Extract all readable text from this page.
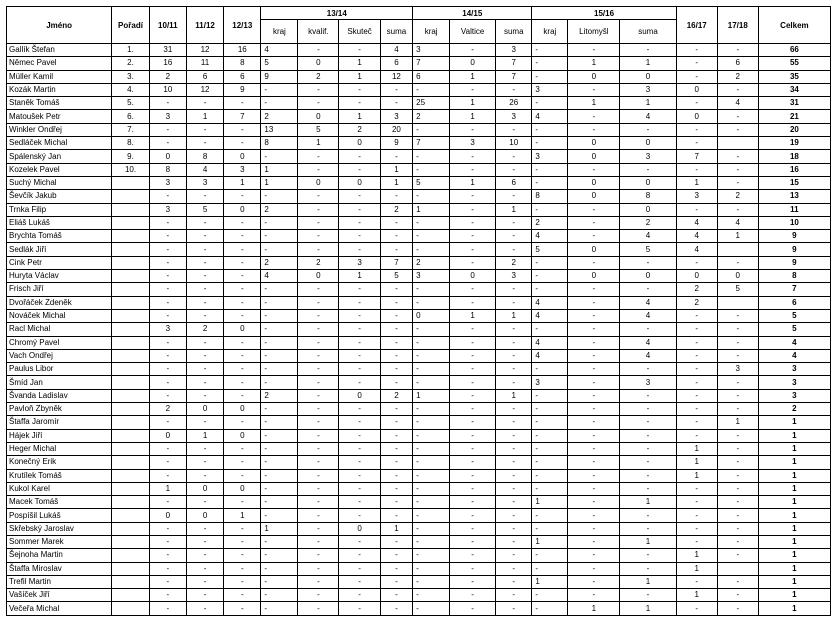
Jméno	Pořadí	10/11	11/12	12/13	13/14				14/15			15/16			16/17	17/18	Celkem
					kraj	kvalif.	Skuteč	suma	kraj	Valtice	suma	kraj	Litomyšl	suma			
Gallík Štefan	1.	31	12	16	4	-	-	4	3	-	3	-	-	-	-	-	66
Němec Pavel	2.	16	11	8	5	0	1	6	7	0	7	-	1	1	-	6	55
Müller Kamil	3.	2	6	6	9	2	1	12	6	1	7	-	0	0	-	2	35
Kozák Martin	4.	10	12	9	-	-	-	-	-	-	-	3	-	3	0	-	34
Staněk Tomáš	5.	-	-	-	-	-	-	-	25	1	26	-	1	1	-	4	31
Matoušek Petr	6.	3	1	7	2	0	1	3	2	1	3	4	-	4	0	-	21
Winkler Ondřej	7.	-	-	-	13	5	2	20	-	-	-	-	-	-	-	-	20
Sedláček Michal	8.	-	-	-	8	1	0	9	7	3	10	-	0	0	-		19
Spálenský Jan	9.	0	8	0	-	-	-	-	-	-	-	3	0	3	7	-	18
Kozelek Pavel	10.	8	4	3	1	-	-	1	-	-	-	-	-	-	-	-	16
Suchý Michal		3	3	1	1	0	0	1	5	1	6	-	0	0	1	-	15
Ševčík Jakub		-	-	-	-	-	-	-	-	-	-	8	0	8	3	2	13
Trnka Filip		3	5	0	2	-	-	2	1	-	1	-	-	0	-	-	11
Eliáš Lukáš		-	-	-	-	-	-	-	-	-	-	2	-	2	4	4	10
Brychta Tomáš		-	-	-	-	-	-	-	-	-	-	4	-	4	4	1	9
Sedlák Jiří		-	-	-	-	-	-	-	-	-	-	5	0	5	4		9
Cink Petr		-	-	-	2	2	3	7	2	-	2	-	-	-	-	-	9
Huryta Václav		-	-	-	4	0	1	5	3	0	3	-	0	0	0	0	8
Frisch Jiří		-	-	-	-	-	-	-	-	-	-	-	-	-	2	5	7
Dvořáček Zdeněk		-	-	-	-	-	-	-	-	-	-	4	-	4	2		6
Nováček Michal		-	-	-	-	-	-	-	0	1	1	4	-	4	-	-	5
Racl Michal		3	2	0	-	-	-	-	-	-	-	-	-	-	-	-	5
Chromý Pavel		-	-	-	-	-	-	-	-	-	-	4	-	4	-	-	4
Vach Ondřej		-	-	-	-	-	-	-	-	-	-	4	-	4	-	-	4
Paulus Libor		-	-	-	-	-	-	-	-	-	-	-	-	-	-	3	3
Šmíd Jan		-	-	-	-	-	-	-	-	-	-	3	-	3	-	-	3
Švanda Ladislav		-	-	-	2	-	0	2	1	-	1	-	-	-	-	-	3
Pavloň Zbyněk		2	0	0	-	-	-	-	-	-	-	-	-	-	-	-	2
Štaffa Jaromír		-	-	-	-	-	-	-	-	-	-	-	-	-	-	1	1
Hájek Jiří		0	1	0	-	-	-	-	-	-	-	-	-	-	-	-	1
Heger Michal		-	-	-	-	-	-	-	-	-	-	-	-	-	1	-	1
Konečný Erik		-	-	-	-	-	-	-	-	-	-	-	-	-	1	-	1
Krutílek Tomáš		-	-	-	-	-	-	-	-	-	-	-	-	-	1	-	1
Kukol Karel		1	0	0	-	-	-	-	-	-	-	-	-	-	-	-	1
Macek Tomáš		-	-	-	-	-	-	-	-	-	-	1	-	1	-	-	1
Pospíšil Lukáš		0	0	1	-	-	-	-	-	-	-	-	-	-	-	-	1
Skřebský Jaroslav		-	-	-	1	-	0	1	-	-	-	-	-	-	-	-	1
Sommer Marek		-	-	-	-	-	-	-	-	-	-	1	-	1	-	-	1
Šejnoha Martin		-	-	-	-	-	-	-	-	-	-	-	-	-	1	-	1
Štaffa Miroslav		-	-	-	-	-	-	-	-	-	-	-	-	-	1		1
Trefil Martin		-	-	-	-	-	-	-	-	-	-	1	-	1	-	-	1
Vašíček Jiří		-	-	-	-	-	-	-	-	-	-	-	-	-	1	-	1
Večeřa Michal		-	-	-	-	-	-	-	-	-	-	-	1	1	-	-	1
